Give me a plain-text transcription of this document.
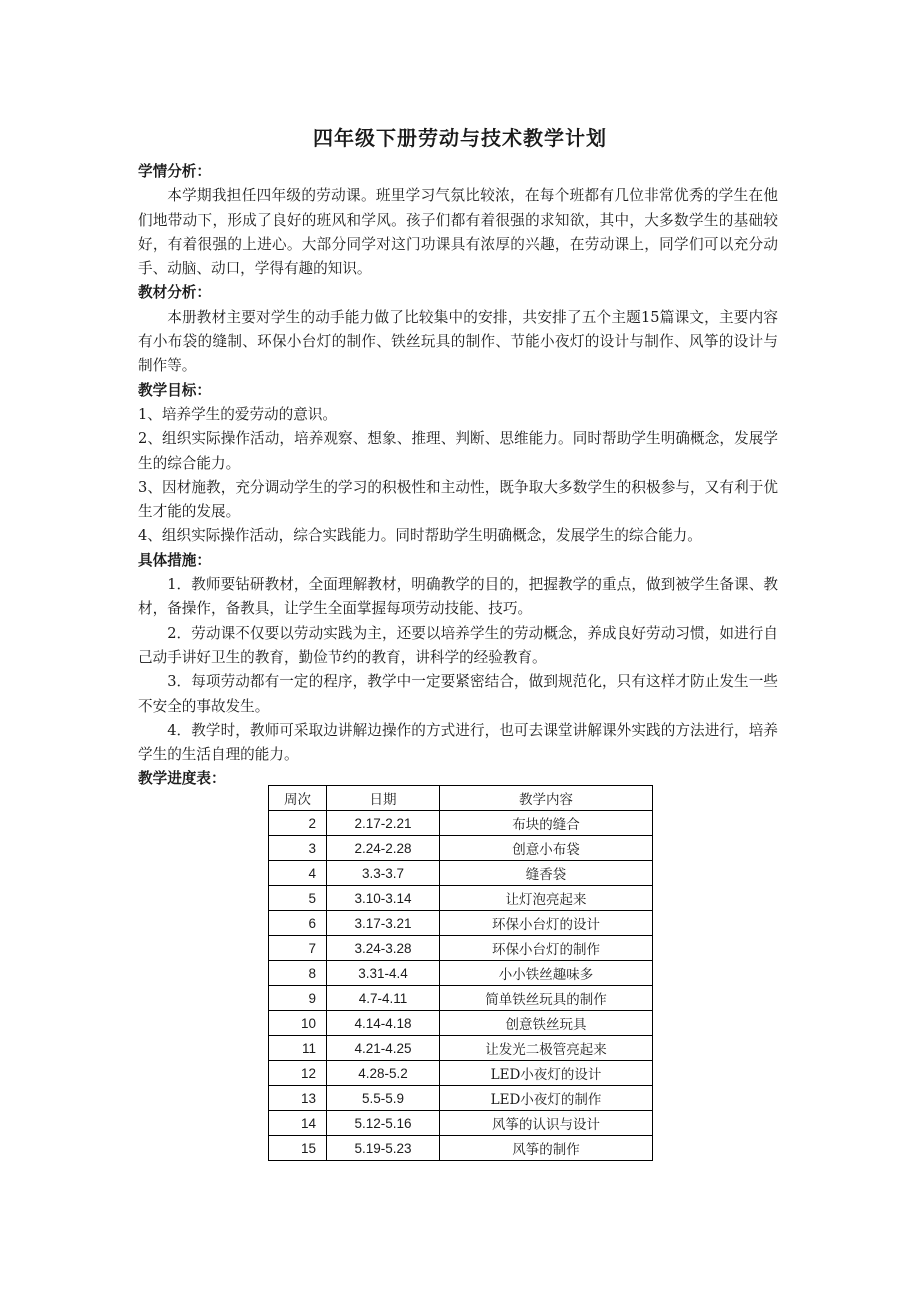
四年级下册劳动与技术教学计划

学情分析：

本学期我担任四年级的劳动课。班里学习气氛比较浓，在每个班都有几位非常优秀的学生在他们地带动下，形成了良好的班风和学风。孩子们都有着很强的求知欲，其中，大多数学生的基础较好，有着很强的上进心。大部分同学对这门功课具有浓厚的兴趣，在劳动课上，同学们可以充分动手、动脑、动口，学得有趣的知识。

教材分析：

本册教材主要对学生的动手能力做了比较集中的安排，共安排了五个主题15篇课文，主要内容有小布袋的缝制、环保小台灯的制作、铁丝玩具的制作、节能小夜灯的设计与制作、风筝的设计与制作等。

教学目标：

1、培养学生的爱劳动的意识。

2、组织实际操作活动，培养观察、想象、推理、判断、思维能力。同时帮助学生明确概念，发展学生的综合能力。

3、因材施教，充分调动学生的学习的积极性和主动性，既争取大多数学生的积极参与，又有利于优生才能的发展。

4、组织实际操作活动，综合实践能力。同时帮助学生明确概念，发展学生的综合能力。

具体措施：

1．教师要钻研教材，全面理解教材，明确教学的目的，把握教学的重点，做到被学生备课、教材，备操作，备教具，让学生全面掌握每项劳动技能、技巧。

2．劳动课不仅要以劳动实践为主，还要以培养学生的劳动概念，养成良好劳动习惯，如进行自己动手讲好卫生的教育，勤俭节约的教育，讲科学的经验教育。

3．每项劳动都有一定的程序，教学中一定要紧密结合，做到规范化，只有这样才防止发生一些不安全的事故发生。

4．教学时，教师可采取边讲解边操作的方式进行，也可去课堂讲解课外实践的方法进行，培养学生的生活自理的能力。

教学进度表：

周次	日期	教学内容
2	2.17-2.21	布块的缝合
3	2.24-2.28	创意小布袋
4	3.3-3.7	缝香袋
5	3.10-3.14	让灯泡亮起来
6	3.17-3.21	环保小台灯的设计
7	3.24-3.28	环保小台灯的制作
8	3.31-4.4	小小铁丝趣味多
9	4.7-4.11	简单铁丝玩具的制作
10	4.14-4.18	创意铁丝玩具
11	4.21-4.25	让发光二极管亮起来
12	4.28-5.2	LED小夜灯的设计
13	5.5-5.9	LED小夜灯的制作
14	5.12-5.16	风筝的认识与设计
15	5.19-5.23	风筝的制作
